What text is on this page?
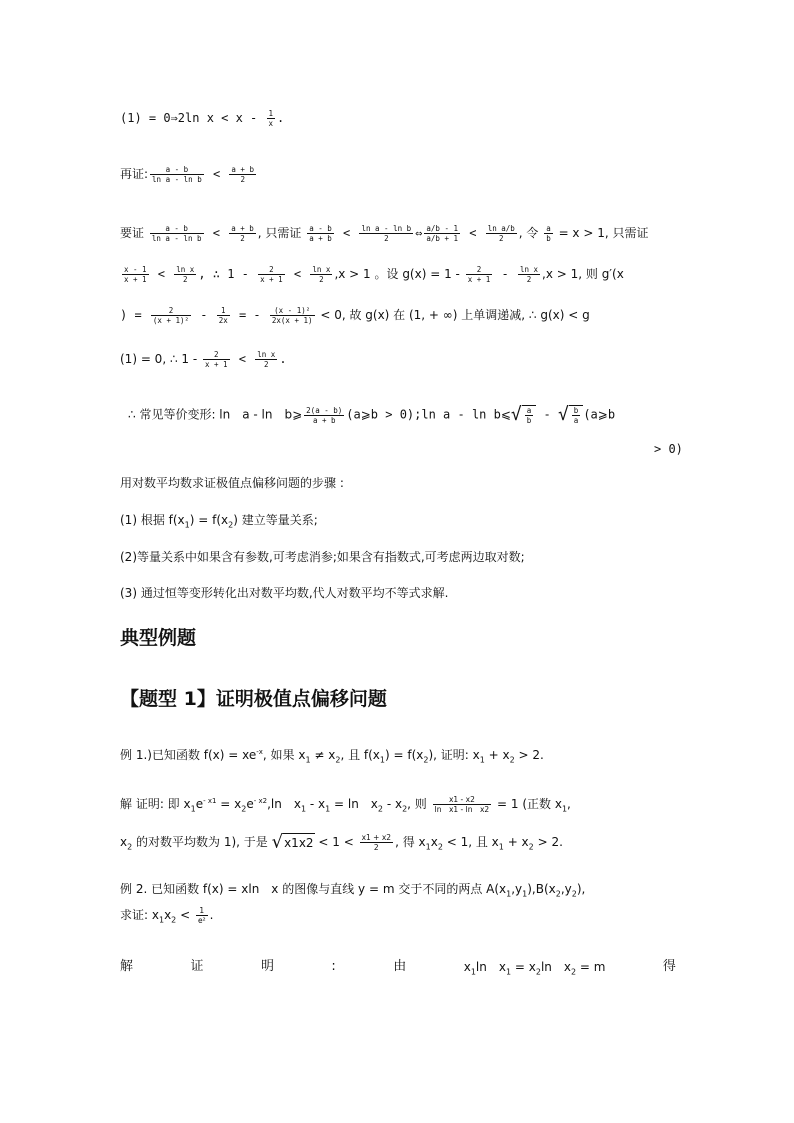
(1) = 0⇒2ln $x < x - \frac{1}{x}$ .
再证: $\frac{a - b}{\text{ln a - ln b}} < \frac{a + b}{2}$
要证 $\frac{a - b}{\text{ln a - ln b}} < \frac{a + b}{2}$ , 只需证 $\frac{a - b}{a + b} < \frac{\text{ln a - ln b}}{2}$ ⇔ $\frac{a/b - 1}{a/b + 1} < \frac{\text{ln a/b}}{2}$ , 令 $\frac{a}{b} = x > 1$, 只需证
$\frac{x - 1}{x + 1} < \frac{\text{ln x}}{2}$ , ∴ $1 - \frac{2}{x + 1} < \frac{\text{ln x}}{2} ,x > 1$ 。设 $g(x) = 1 - \frac{2}{x + 1} - \frac{\text{ln x}}{2} ,x > 1$, 则 g′(x
) = $\frac{2}{\text{(x + 1)²}} - \frac{1}{2x}$ = - $\frac{\text{(x - 1)²}}{2x(x + 1)} < 0$, 故 g(x) 在 (1, + ∞) 上单调递减, ∴ g(x) < g
(1) = 0, ∴ $1 - \frac{2}{x + 1} < \frac{\text{ln x}}{2}$ .
∴ 常见等价变形: ln a - ln b⩾ $\frac{2(a - b)}{a + b}$ (a⩾b > 0);ln a - ln b⩽√ $\frac{a}{b}$ - √ $\frac{b}{a}$ (a⩾b
> 0)
用对数平均数求证极值点偏移问题的步骤 :
(1) 根据 $f(x_1) = f(x_2)$ 建立等量关系;
(2)等量关系中如果含有参数,可考虑消参;如果含有指数式,可考虑两边取对数;
(3) 通过恒等变形转化出对数平均数,代人对数平均不等式求解.
典型例题
【题型 1】证明极值点偏移问题
例 1.)已知函数 $f(x) = xe^{-x}$, 如果 $x_1 \ne x_2$, 且 $f(x_1) = f(x_2)$, 证明: $x_1 + x_2 > 2$.
解 证明: 即 $x_1e^{- x1} = x_2e^{- x2},\ln$ $x_1 - x_1 = \ln$ $x_2 - x_2$, 则 $\frac{x1 - x2}{\text{ln x1 - ln x2}} = 1$ (正数 $x_1$,
$x_2$ 的对数平均数为 1), 于是 $√x1x2 < 1 < \frac{x1 + x2}{2}$ , 得 $x_1x_2 < 1$, 且 $x_1 + x_2 > 2$.
例 2. 已知函数 f(x) = xln x 的图像与直线 y = m 交于不同的两点 $A(x_1,y_1),B(x_2,y_2)$,
求证: $x_1x_2 < \frac{1}{\text{e²}}$ .
解	证	明	:	由	$x_1\ln$ $x_1 = x_2\ln$ $x_2 = m$	得
